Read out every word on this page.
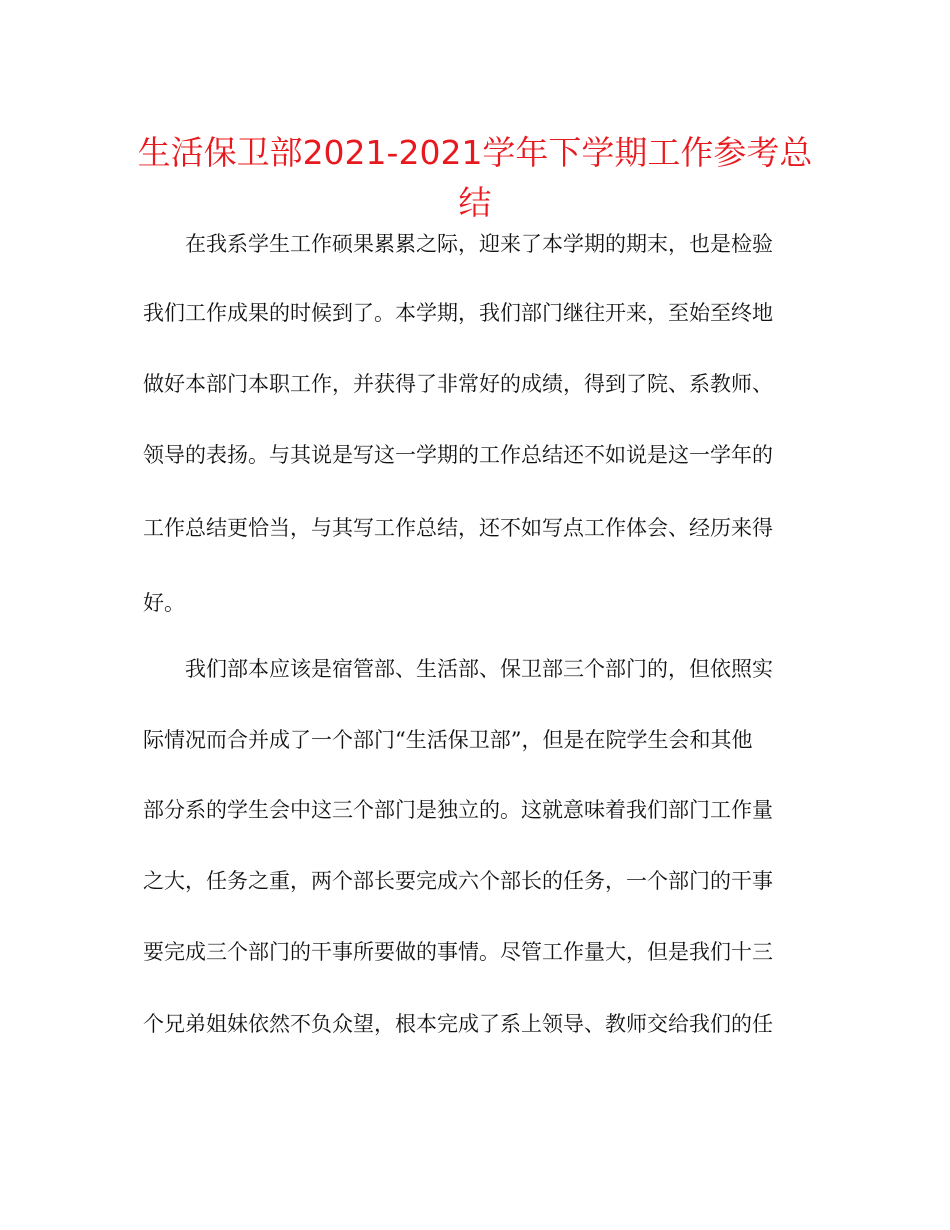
生活保卫部2021-2021学年下学期工作参考总
结
在我系学生工作硕果累累之际，迎来了本学期的期末，也是检验
我们工作成果的时候到了。本学期，我们部门继往开来，至始至终地
做好本部门本职工作，并获得了非常好的成绩，得到了院、系教师、
领导的表扬。与其说是写这一学期的工作总结还不如说是这一学年的
工作总结更恰当，与其写工作总结，还不如写点工作体会、经历来得
好。
我们部本应该是宿管部、生活部、保卫部三个部门的，但依照实
际情况而合并成了一个部门“生活保卫部”，但是在院学生会和其他
部分系的学生会中这三个部门是独立的。这就意味着我们部门工作量
之大，任务之重，两个部长要完成六个部长的任务，一个部门的干事
要完成三个部门的干事所要做的事情。尽管工作量大，但是我们十三
个兄弟姐妹依然不负众望，根本完成了系上领导、教师交给我们的任
